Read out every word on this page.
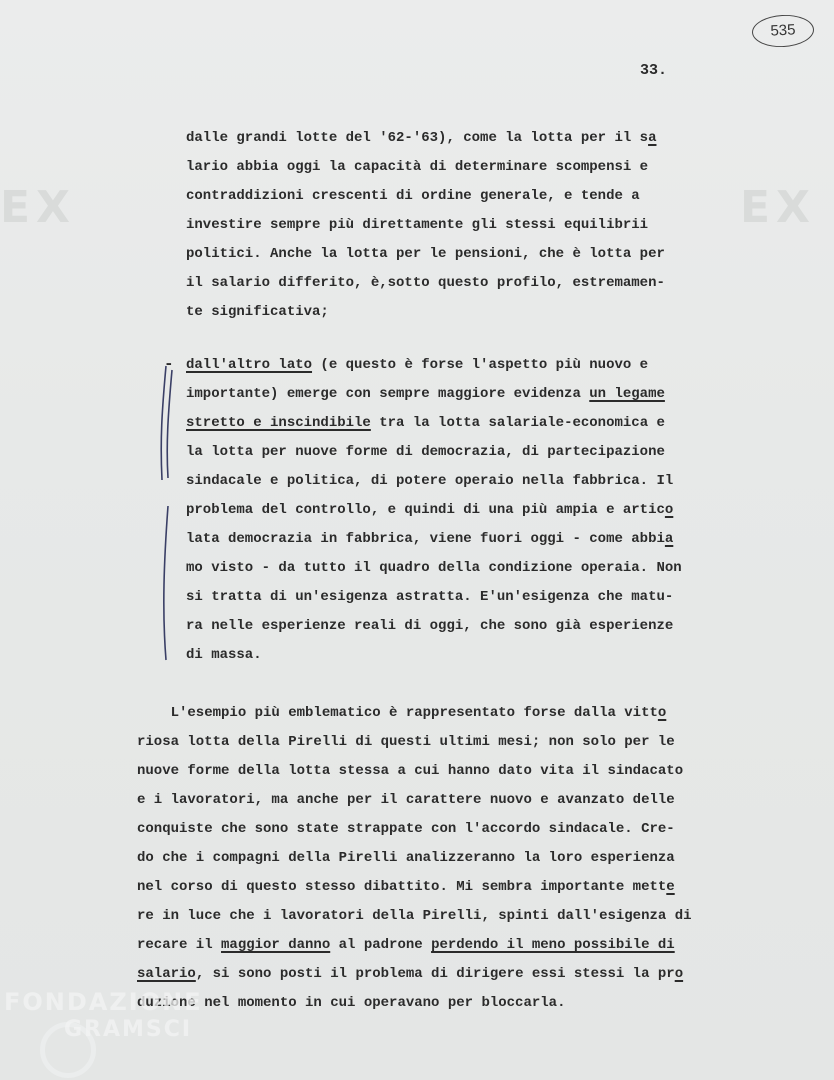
EX	EX
535
33.
dalle grandi lotte del '62-'63), come la lotta per il sa
lario abbia oggi la capacità di determinare scompensi e
contraddizioni crescenti di ordine generale, e tende a
investire sempre più direttamente gli stessi equilibrii
politici. Anche la lotta per le pensioni, che è lotta per
il salario differito, è,sotto questo profilo, estremamen-
te significativa;
- dall'altro lato (e questo è forse l'aspetto più nuovo e
importante) emerge con sempre maggiore evidenza un legame
stretto e inscindibile tra la lotta salariale-economica e
la lotta per nuove forme di democrazia, di partecipazione
sindacale e politica, di potere operaio nella fabbrica. Il
problema del controllo, e quindi di una più ampia e artico
lata democrazia in fabbrica, viene fuori oggi - come abbia
mo visto - da tutto il quadro della condizione operaia. Non
si tratta di un'esigenza astratta. E'un'esigenza che matu-
ra nelle esperienze reali di oggi, che sono già esperienze
di massa.
L'esempio più emblematico è rappresentato forse dalla vitto
riosa lotta della Pirelli di questi ultimi mesi; non solo per le
nuove forme della lotta stessa a cui hanno dato vita il sindacato
e i lavoratori, ma anche per il carattere nuovo e avanzato delle
conquiste che sono state strappate con l'accordo sindacale. Cre-
do che i compagni della Pirelli analizzeranno la loro esperienza
nel corso di questo stesso dibattito. Mi sembra importante mette
re in luce che i lavoratori della Pirelli, spinti dall'esigenza di
recare il maggior danno al padrone perdendo il meno possibile di
salario, si sono posti il problema di dirigere essi stessi la pro
duzione nel momento in cui operavano per bloccarla.
FONDAZIONE
GRAMSCI
